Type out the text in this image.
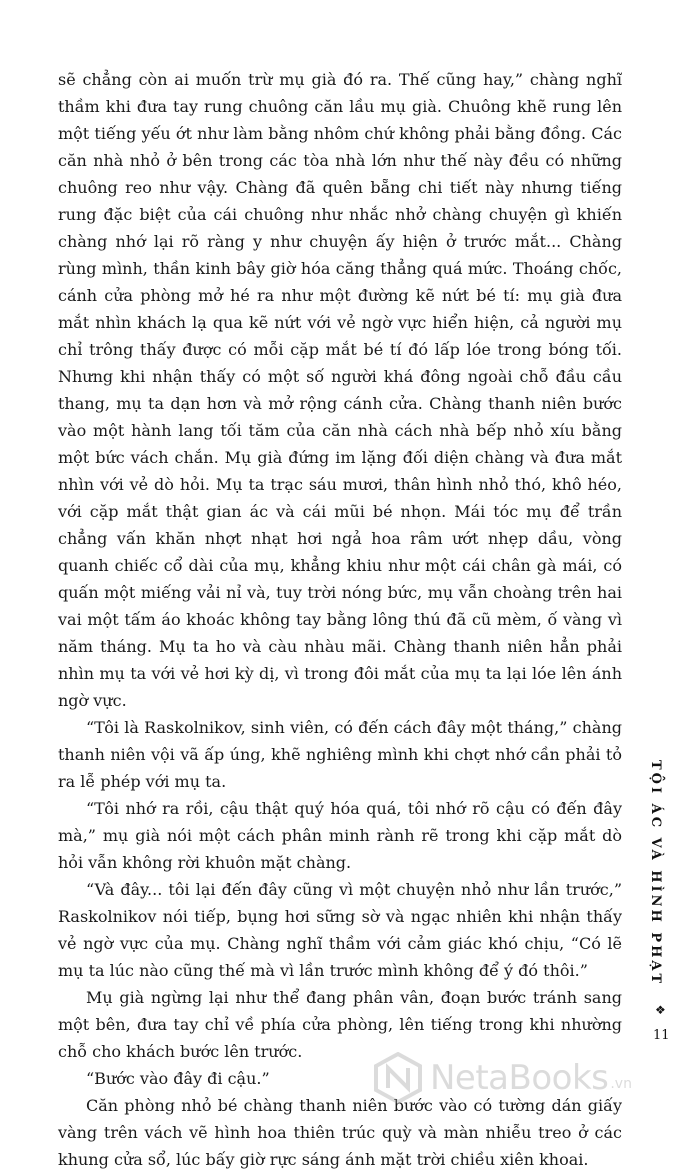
sẽ chẳng còn ai muốn trừ mụ già đó ra. Thế cũng hay,” chàng nghĩ thầm khi đưa tay rung chuông căn lầu mụ già. Chuông khẽ rung lên một tiếng yếu ớt như làm bằng nhôm chứ không phải bằng đồng. Các căn nhà nhỏ ở bên trong các tòa nhà lớn như thế này đều có những chuông reo như vậy. Chàng đã quên bẵng chi tiết này nhưng tiếng rung đặc biệt của cái chuông như nhắc nhở chàng chuyện gì khiến chàng nhớ lại rõ ràng y như chuyện ấy hiện ở trước mắt... Chàng rùng mình, thần kinh bây giờ hóa căng thẳng quá mức. Thoáng chốc, cánh cửa phòng mở hé ra như một đường kẽ nứt bé tí: mụ già đưa mắt nhìn khách lạ qua kẽ nứt với vẻ ngờ vực hiển hiện, cả người mụ chỉ trông thấy được có mỗi cặp mắt bé tí đó lấp lóe trong bóng tối. Nhưng khi nhận thấy có một số người khá đông ngoài chỗ đầu cầu thang, mụ ta dạn hơn và mở rộng cánh cửa. Chàng thanh niên bước vào một hành lang tối tăm của căn nhà cách nhà bếp nhỏ xíu bằng một bức vách chắn. Mụ già đứng im lặng đối diện chàng và đưa mắt nhìn với vẻ dò hỏi. Mụ ta trạc sáu mươi, thân hình nhỏ thó, khô héo, với cặp mắt thật gian ác và cái mũi bé nhọn. Mái tóc mụ để trần chẳng vấn khăn nhợt nhạt hơi ngả hoa râm ướt nhẹp dầu, vòng quanh chiếc cổ dài của mụ, khẳng khiu như một cái chân gà mái, có quấn một miếng vải nỉ và, tuy trời nóng bức, mụ vẫn choàng trên hai vai một tấm áo khoác không tay bằng lông thú đã cũ mèm, ố vàng vì năm tháng. Mụ ta ho và càu nhàu mãi. Chàng thanh niên hẳn phải nhìn mụ ta với vẻ hơi kỳ dị, vì trong đôi mắt của mụ ta lại lóe lên ánh ngờ vực.

“Tôi là Raskolnikov, sinh viên, có đến cách đây một tháng,” chàng thanh niên vội vã ấp úng, khẽ nghiêng mình khi chợt nhớ cần phải tỏ ra lễ phép với mụ ta.

“Tôi nhớ ra rồi, cậu thật quý hóa quá, tôi nhớ rõ cậu có đến đây mà,” mụ già nói một cách phân minh rành rẽ trong khi cặp mắt dò hỏi vẫn không rời khuôn mặt chàng.

“Và đây... tôi lại đến đây cũng vì một chuyện nhỏ như lần trước,” Raskolnikov nói tiếp, bụng hơi sững sờ và ngạc nhiên khi nhận thấy vẻ ngờ vực của mụ. Chàng nghĩ thầm với cảm giác khó chịu, “Có lẽ mụ ta lúc nào cũng thế mà vì lần trước mình không để ý đó thôi.”

Mụ già ngừng lại như thể đang phân vân, đoạn bước tránh sang một bên, đưa tay chỉ về phía cửa phòng, lên tiếng trong khi nhường chỗ cho khách bước lên trước.

“Bước vào đây đi cậu.”

Căn phòng nhỏ bé chàng thanh niên bước vào có tường dán giấy vàng trên vách vẽ hình hoa thiên trúc quỳ và màn nhiễu treo ở các khung cửa sổ, lúc bấy giờ rực sáng ánh mặt trời chiều xiên khoai.

TỘI ÁC VÀ HÌNH PHẠT
❖
11
NetaBooks .vn
